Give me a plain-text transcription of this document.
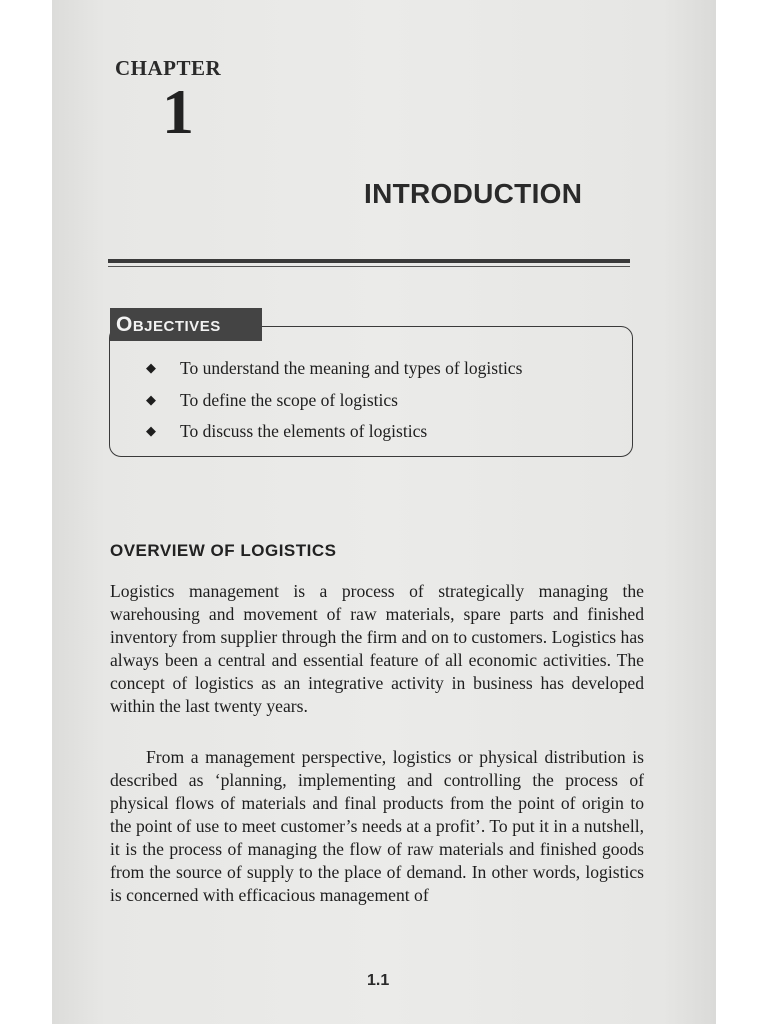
CHAPTER
1
INTRODUCTION
OBJECTIVES
◆ To understand the meaning and types of logistics
◆ To define the scope of logistics
◆ To discuss the elements of logistics
OVERVIEW OF LOGISTICS

Logistics management is a process of strategically managing the warehousing and movement of raw materials, spare parts and finished inventory from supplier through the firm and on to customers. Logistics has always been a central and essential feature of all economic activities. The concept of logistics as an integrative activity in business has developed within the last twenty years.

From a management perspective, logistics or physical distribution is described as ‘planning, implementing and controlling the process of physical flows of materials and final products from the point of origin to the point of use to meet customer’s needs at a profit’. To put it in a nutshell, it is the process of managing the flow of raw materials and finished goods from the source of supply to the place of demand. In other words, logistics is concerned with efficacious management of

1.1
